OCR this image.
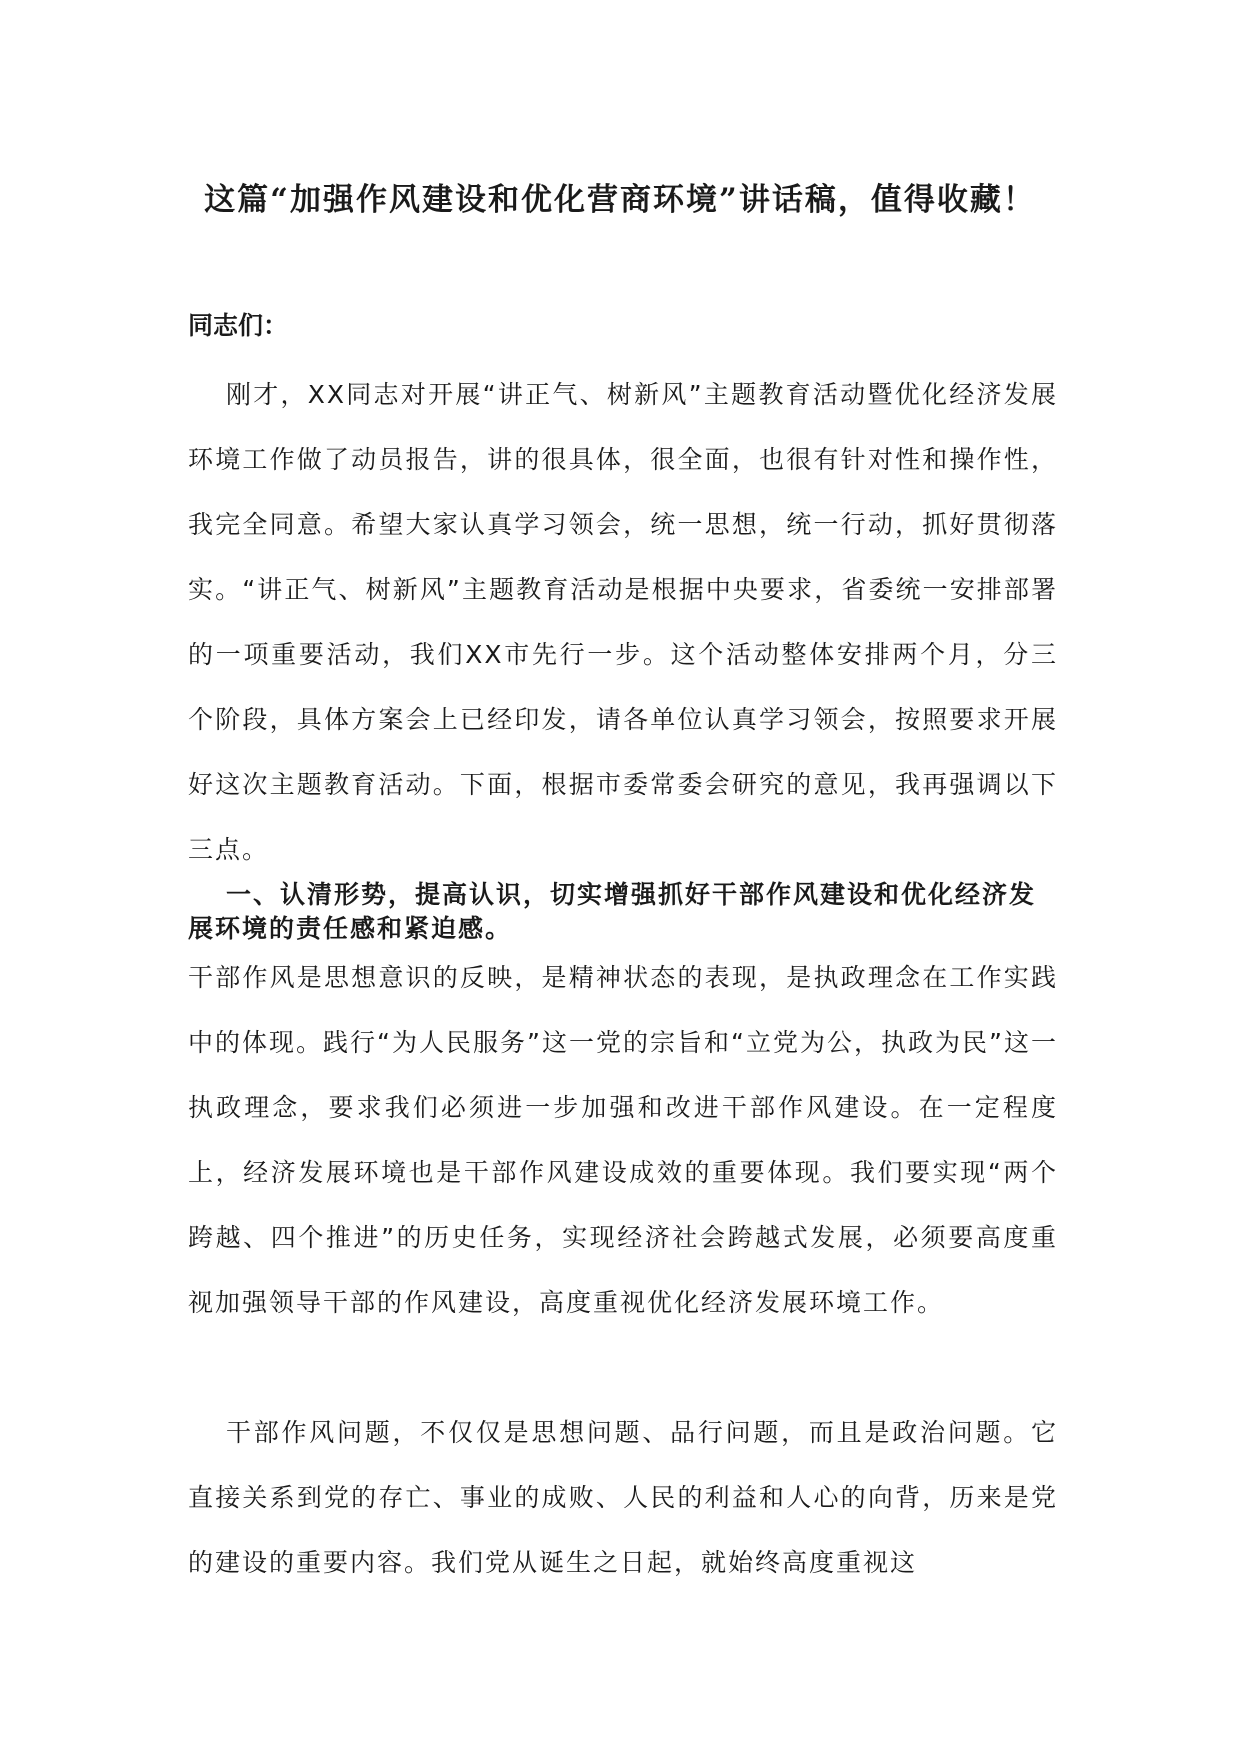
这篇“加强作风建设和优化营商环境”讲话稿，值得收藏！

同志们：

刚才，XX同志对开展“讲正气、树新风”主题教育活动暨优化经济发展环境工作做了动员报告，讲的很具体，很全面，也很有针对性和操作性，我完全同意。希望大家认真学习领会，统一思想，统一行动，抓好贯彻落实。“讲正气、树新风”主题教育活动是根据中央要求，省委统一安排部署的一项重要活动，我们XX市先行一步。这个活动整体安排两个月，分三个阶段，具体方案会上已经印发，请各单位认真学习领会，按照要求开展好这次主题教育活动。下面，根据市委常委会研究的意见，我再强调以下三点。

一、认清形势，提高认识，切实增强抓好干部作风建设和优化经济发展环境的责任感和紧迫感。

干部作风是思想意识的反映，是精神状态的表现，是执政理念在工作实践中的体现。践行“为人民服务”这一党的宗旨和“立党为公，执政为民”这一执政理念，要求我们必须进一步加强和改进干部作风建设。在一定程度上，经济发展环境也是干部作风建设成效的重要体现。我们要实现“两个跨越、四个推进”的历史任务，实现经济社会跨越式发展，必须要高度重视加强领导干部的作风建设，高度重视优化经济发展环境工作。

干部作风问题，不仅仅是思想问题、品行问题，而且是政治问题。它直接关系到党的存亡、事业的成败、人民的利益和人心的向背，历来是党的建设的重要内容。我们党从诞生之日起，就始终高度重视这
